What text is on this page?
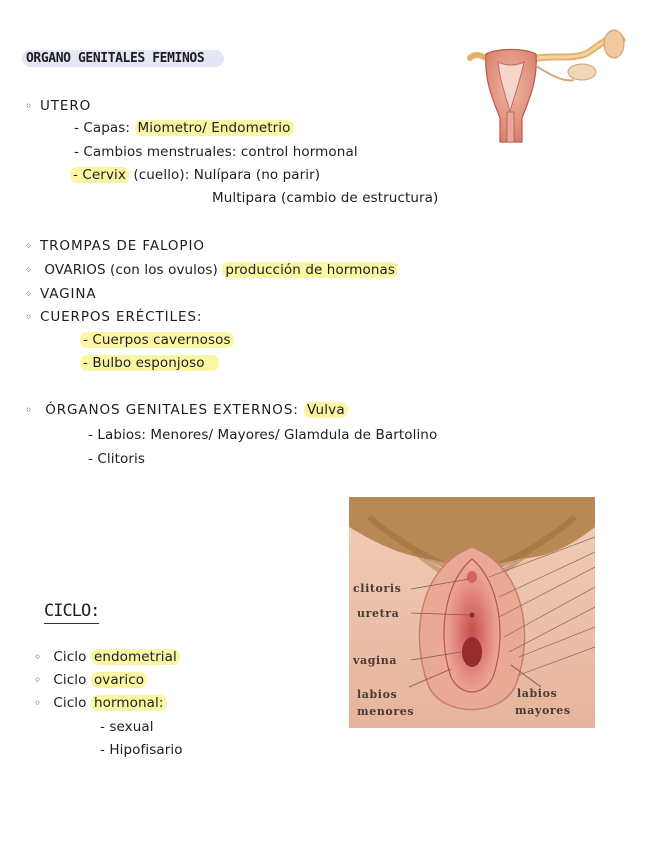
ORGANO GENITALES FEMINOS
◦ UTERO
- Capas: Miometro/ Endometrio
- Cambios menstruales: control hormonal
- Cervix (cuello): Nulípara (no parir)
Multipara (cambio de estructura)
◦ TROMPAS DE FALOPIO
◦ OVARIOS (con los ovulos) producción de hormonas
◦ VAGINA
◦ CUERPOS ERÉCTILES:
- Cuerpos cavernosos
- Bulbo esponjoso
◦ ÓRGANOS GENITALES EXTERNOS: Vulva
- Labios: Menores/ Mayores/ Glamdula de Bartolino
- Clitoris
clitoris
uretra
vagina
labios
menores
labios
mayores
CICLO:
◦ Ciclo endometrial
◦ Ciclo ovarico
◦ Ciclo hormonal:
- sexual
- Hipofisario
